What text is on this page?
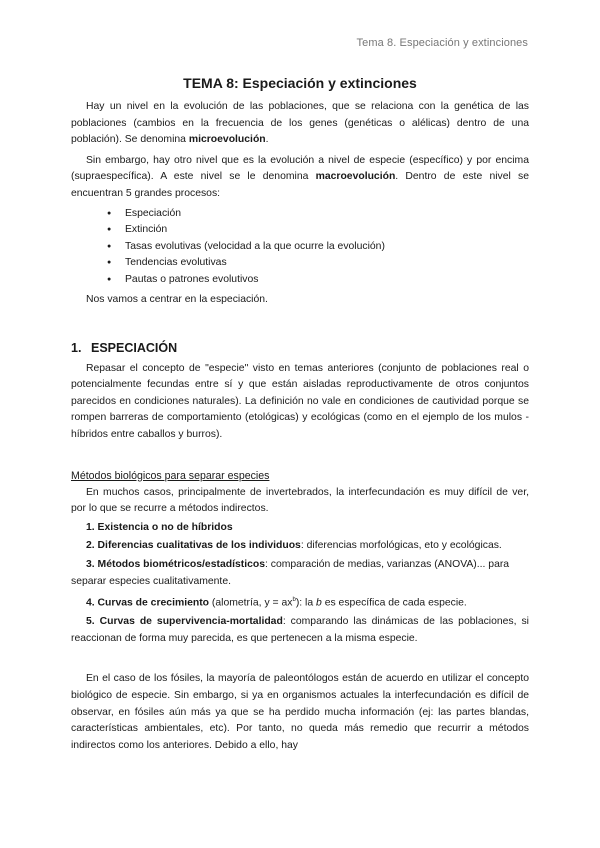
Tema 8. Especiación y extinciones
TEMA 8: Especiación y extinciones

Hay un nivel en la evolución de las poblaciones, que se relaciona con la genética de las poblaciones (cambios en la frecuencia de los genes (genéticas o alélicas) dentro de una población). Se denomina microevolución.

Sin embargo, hay otro nivel que es la evolución a nivel de especie (específico) y por encima (supraespecífica). A este nivel se le denomina macroevolución. Dentro de este nivel se encuentran 5 grandes procesos:

● Especiación
● Extinción
● Tasas evolutivas (velocidad a la que ocurre la evolución)
● Tendencias evolutivas
● Pautas o patrones evolutivos

Nos vamos a centrar en la especiación.

1. ESPECIACIÓN

Repasar el concepto de "especie" visto en temas anteriores (conjunto de poblaciones real o potencialmente fecundas entre sí y que están aisladas reproductivamente de otros conjuntos parecidos en condiciones naturales). La definición no vale en condiciones de cautividad porque se rompen barreras de comportamiento (etológicas) y ecológicas (como en el ejemplo de los mulos -híbridos entre caballos y burros).

Métodos biológicos para separar especies

En muchos casos, principalmente de invertebrados, la interfecundación es muy difícil de ver, por lo que se recurre a métodos indirectos.

1. Existencia o no de híbridos

2. Diferencias cualitativas de los individuos: diferencias morfológicas, eto y ecológicas.

3. Métodos biométricos/estadísticos: comparación de medias, varianzas (ANOVA)... para separar especies cualitativamente.

4. Curvas de crecimiento (alometría, $y = ax^b$): la b es específica de cada especie.

5. Curvas de supervivencia-mortalidad: comparando las dinámicas de las poblaciones, si reaccionan de forma muy parecida, es que pertenecen a la misma especie.

En el caso de los fósiles, la mayoría de paleontólogos están de acuerdo en utilizar el concepto biológico de especie. Sin embargo, si ya en organismos actuales la interfecundación es difícil de observar, en fósiles aún más ya que se ha perdido mucha información (ej: las partes blandas, características ambientales, etc). Por tanto, no queda más remedio que recurrir a métodos indirectos como los anteriores. Debido a ello, hay
